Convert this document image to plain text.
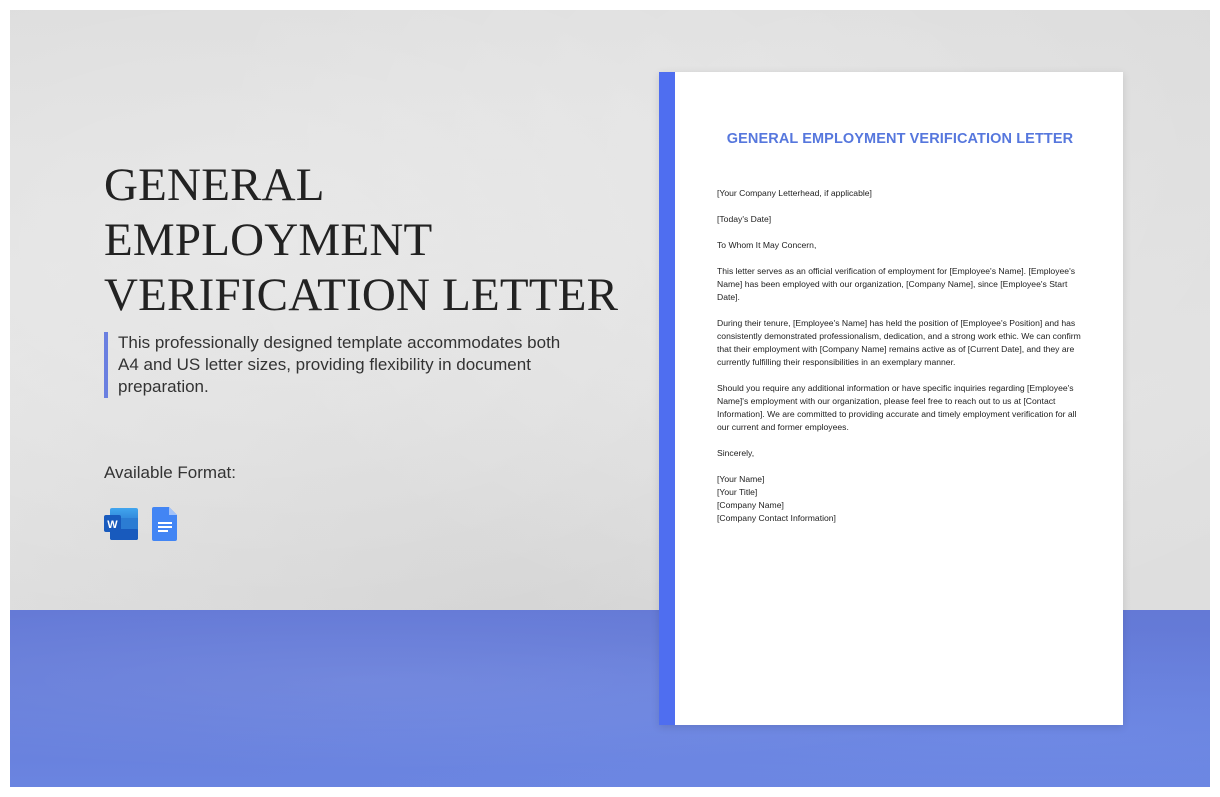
GENERAL
EMPLOYMENT
VERIFICATION LETTER
This professionally designed template accommodates both A4 and US letter sizes, providing flexibility in document preparation.
Available Format:
W
GENERAL EMPLOYMENT VERIFICATION LETTER

[Your Company Letterhead, if applicable]

[Today's Date]

To Whom It May Concern,

This letter serves as an official verification of employment for [Employee's Name]. [Employee's Name] has been employed with our organization, [Company Name], since [Employee's Start Date].

During their tenure, [Employee's Name] has held the position of [Employee's Position] and has consistently demonstrated professionalism, dedication, and a strong work ethic. We can confirm that their employment with [Company Name] remains active as of [Current Date], and they are currently fulfilling their responsibilities in an exemplary manner.

Should you require any additional information or have specific inquiries regarding [Employee's Name]'s employment with our organization, please feel free to reach out to us at [Contact Information]. We are committed to providing accurate and timely employment verification for all our current and former employees.

Sincerely,

[Your Name]

[Your Title]

[Company Name]

[Company Contact Information]
